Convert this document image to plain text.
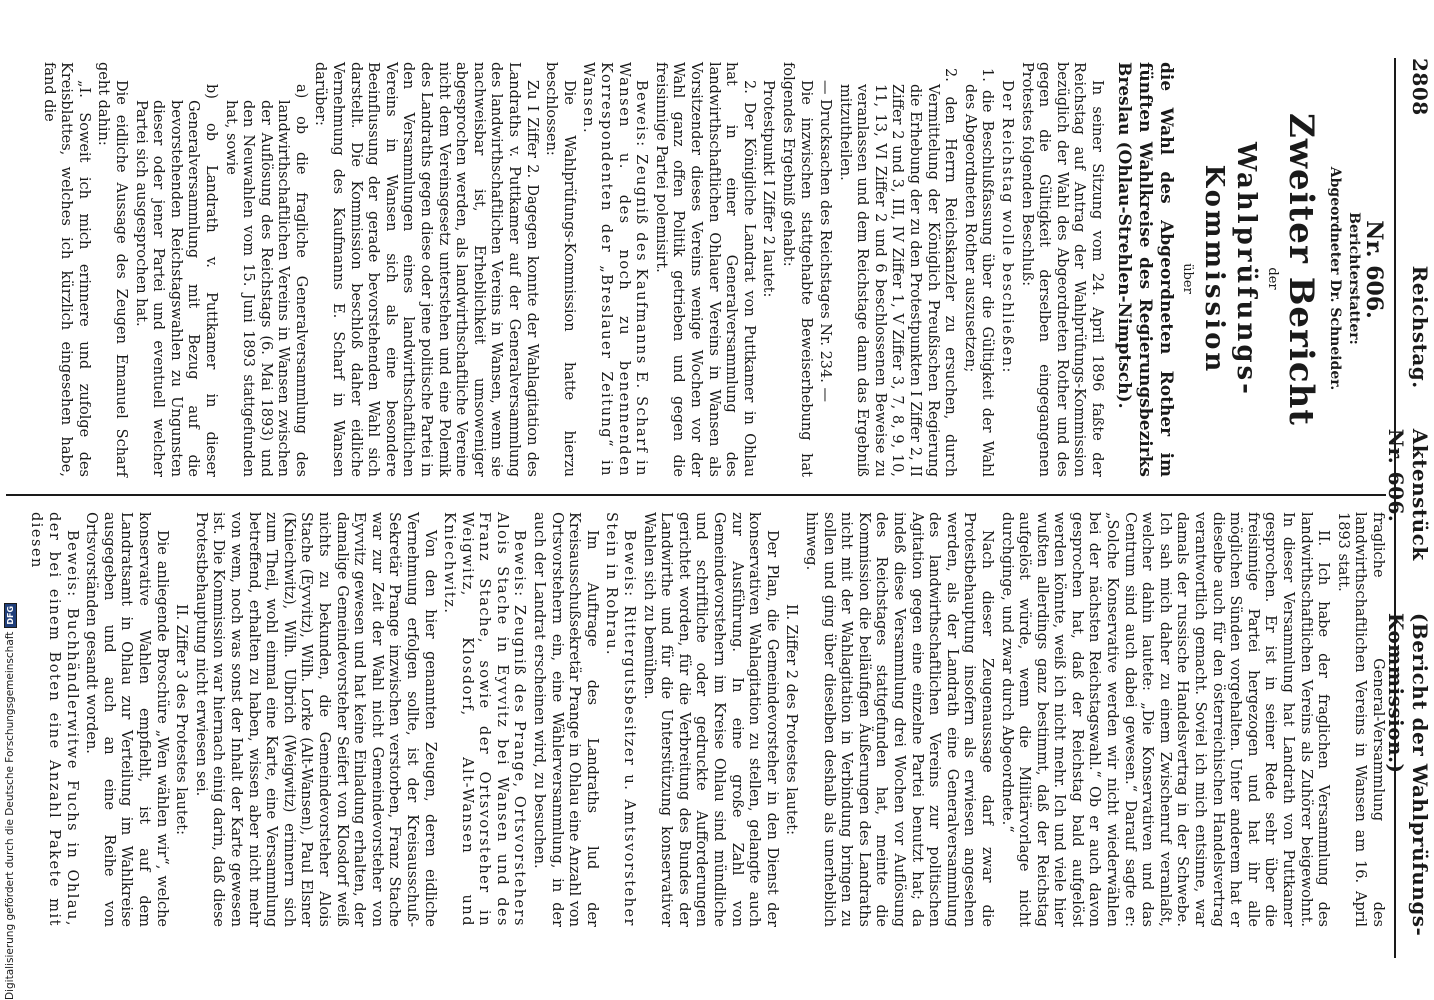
2808
Reichstag.
Aktenstück Nr. 606.
(Bericht der Wahlprüfungs-Kommission.)
Nr. 606.

Berichterstatter:

Abgeordneter Dr. Schneider.

Zweiter Bericht

der

Wahlprüfungs-Kommission

über

die Wahl des Abgeordneten Rother im fünften Wahlkreise des Regierungsbezirks Breslau (Ohlau-Strehlen-Nimptsch).

In seiner Sitzung vom 24. April 1896 faßte der Reichstag auf Antrag der Wahlprüfungs-Kommission bezüglich der Wahl des Abgeordneten Rother und des gegen die Gültigkeit derselben eingegangenen Protestes folgenden Beschluß:

Der Reichstag wolle beschließen:

1. die Beschlußfassung über die Gültigkeit der Wahl des Abgeordneten Rother auszusetzen;

2. den Herrn Reichskanzler zu ersuchen, durch Vermittelung der Königlich Preußischen Regierung die Erhebung der zu den Protestpunkten I Ziffer 2, II Ziffer 2 und 3, III, IV Ziffer 1, V Ziffer 3, 7, 8, 9, 10, 11, 13, VI Ziffer 2 und 6 beschlossenen Beweise zu veranlassen und dem Reichstage dann das Ergebniß mitzutheilen.

— Drucksachen des Reichstages Nr. 234. —

Die inzwischen stattgehabte Beweiserhebung hat folgendes Ergebniß gehabt:

Protestpunkt I Ziffer 2 lautet:

2. Der Königliche Landrat von Puttkamer in Ohlau hat in einer Generalversammlung des landwirthschaftlichen Ohlauer Vereins in Wansen als Vorsitzender dieses Vereins wenige Wochen vor der Wahl ganz offen Politik getrieben und gegen die freisinnige Partei polemisirt.

Beweis: Zeugniß des Kaufmanns E. Scharf in Wansen u. des noch zu benennenden Korrespondenten der „Breslauer Zeitung“ in Wansen.

Die Wahlprüfungs-Kommission hatte hierzu beschlossen:

Zu I Ziffer 2. Dagegen konnte der Wahlagitation des Landraths v. Puttkamer auf der Generalversammlung des landwirthschaftlichen Vereins in Wansen, wenn sie nachweisbar ist, Erheblichkeit umsoweniger abgesprochen werden, als landwirthschaftliche Vereine nicht dem Vereinsgesetz unterstehen und eine Polemik des Landraths gegen diese oder jene politische Partei in den Versammlungen eines landwirthschaftlichen Vereins in Wansen sich als eine besondere Beeinflussung der gerade bevorstehenden Wahl sich darstellt. Die Kommission beschloß daher eidliche Vernehmung des Kaufmanns E. Scharf in Wansen darüber:

a) ob die fragliche Generalversammlung des landwirthschaftlichen Vereins in Wansen zwischen der Auflösung des Reichstags (6. Mai 1893) und den Neuwahlen vom 15. Juni 1893 stattgefunden hat, sowie

b) ob Landrath v. Puttkamer in dieser Generalversammlung mit Bezug auf die bevorstehenden Reichstagswahlen zu Ungunsten dieser oder jener Partei und eventuell welcher Partei sich ausgesprochen hat.

Die eidliche Aussage des Zeugen Emanuel Scharf geht dahin:

„I. Soweit ich mich erinnere und zufolge des Kreisblattes, welches ich kürzlich eingesehen habe, fand die

fragliche General-Versammlung des landwirthschaftlichen Vereins in Wansen am 16. April 1893 statt.

II. Ich habe der fraglichen Versammlung des landwirthschaftlichen Vereins als Zuhörer beigewohnt. In dieser Versammlung hat Landrath von Puttkamer gesprochen. Er ist in seiner Rede sehr über die freisinnige Partei hergezogen und hat ihr alle möglichen Sünden vorgehalten. Unter anderem hat er dieselbe auch für den österreichischen Handelsvertrag verantwortlich gemacht. Soviel ich mich entsinne, war damals der russische Handelsvertrag in der Schwebe. Ich sah mich daher zu einem Zwischenruf veranlaßt, welcher dahin lautete: „Die Konservativen und das Centrum sind auch dabei gewesen.“ Darauf sagte er: „Solche Konservative werden wir nicht wiederwählen bei der nächsten Reichstagswahl.“ Ob er auch davon gesprochen hat, daß der Reichstag bald aufgelöst werden könnte, weiß ich nicht mehr. Ich und viele hier wußten allerdings ganz bestimmt, daß der Reichstag aufgelöst würde, wenn die Militärvorlage nicht durchginge, und zwar durch Abgeordnete.“

Nach dieser Zeugenaussage darf zwar die Protestbehauptung insofern als erwiesen angesehen werden, als der Landrath eine Generalversammlung des landwirthschaftlichen Vereins zur politischen Agitation gegen eine einzelne Partei benutzt hat; da indeß diese Versammlung drei Wochen vor Auflösung des Reichstages stattgefunden hat, meinte die Kommission die beiläufigen Äußerungen des Landraths nicht mit der Wahlagitation in Verbindung bringen zu sollen und ging über dieselben deshalb als unerheblich hinweg.

II. Ziffer 2 des Protestes lautet:

Der Plan, die Gemeindevorsteher in den Dienst der konservativen Wahlagitation zu stellen, gelangte auch zur Ausführung. In eine große Zahl von Gemeindevorstehern im Kreise Ohlau sind mündliche und schriftliche oder gedruckte Aufforderungen gerichtet worden, für die Verbreitung des Bundes der Landwirthe und für die Unterstützung konservativer Wahlen sich zu bemühen.

Beweis: Rittergutsbesitzer u. Amtsvorsteher Stein in Rohrau.

Im Auftrage des Landraths lud der Kreisausschußsekretär Prange in Ohlau eine Anzahl von Ortsvorstehern ein, eine Wählerversammlung, in der auch der Landrat erscheinen wird, zu besuchen.

Beweis: Zeugniß des Prange, Ortsvorstehers Alois Stache in Eyvvitz bei Wansen und des Franz Stache, sowie der Ortsvorsteher in Weigwitz, Klosdorf, Alt-Wansen und Kniechwitz.

Von den hier genannten Zeugen, deren eidliche Vernehmung erfolgen sollte, ist der Kreisausschuß-Sekretär Prange inzwischen verstorben, Franz Stache war zur Zeit der Wahl nicht Gemeindevorsteher von Eyvvitz gewesen und hat keine Einladung erhalten, der damalige Gemeindevorsteher Seifert von Klosdorf weiß nichts zu bekunden, die Gemeindevorsteher Alois Stache (Eyvvitz), Wilh. Lorke (Alt-Wansen), Paul Elsner (Kniechwitz), Wilh. Ulbrich (Weigwitz) erinnern sich zum Theil, wohl einmal eine Karte, eine Versammlung betreffend, erhalten zu haben, wissen aber nicht mehr von wem, noch was sonst der Inhalt der Karte gewesen ist. Die Kommission war hiernach einig darin, daß diese Protestbehauptung nicht erwiesen sei.

II. Ziffer 3 des Protestes lautet:

Die anliegende Broschüre „Wen wählen wir“, welche konservative Wahlen empfiehlt, ist auf dem Landratsamt in Ohlau zur Verteilung im Wahlkreise ausgegeben und auch an eine Reihe von Ortsvorständen gesandt worden.

Beweis: Buchhändlerwitwe Fuchs in Ohlau, der bei einem Boten eine Anzahl Pakete mit diesen

Digitalisierung gefördert durch die Deutsche Forschungsgemeinschaft
DFG
